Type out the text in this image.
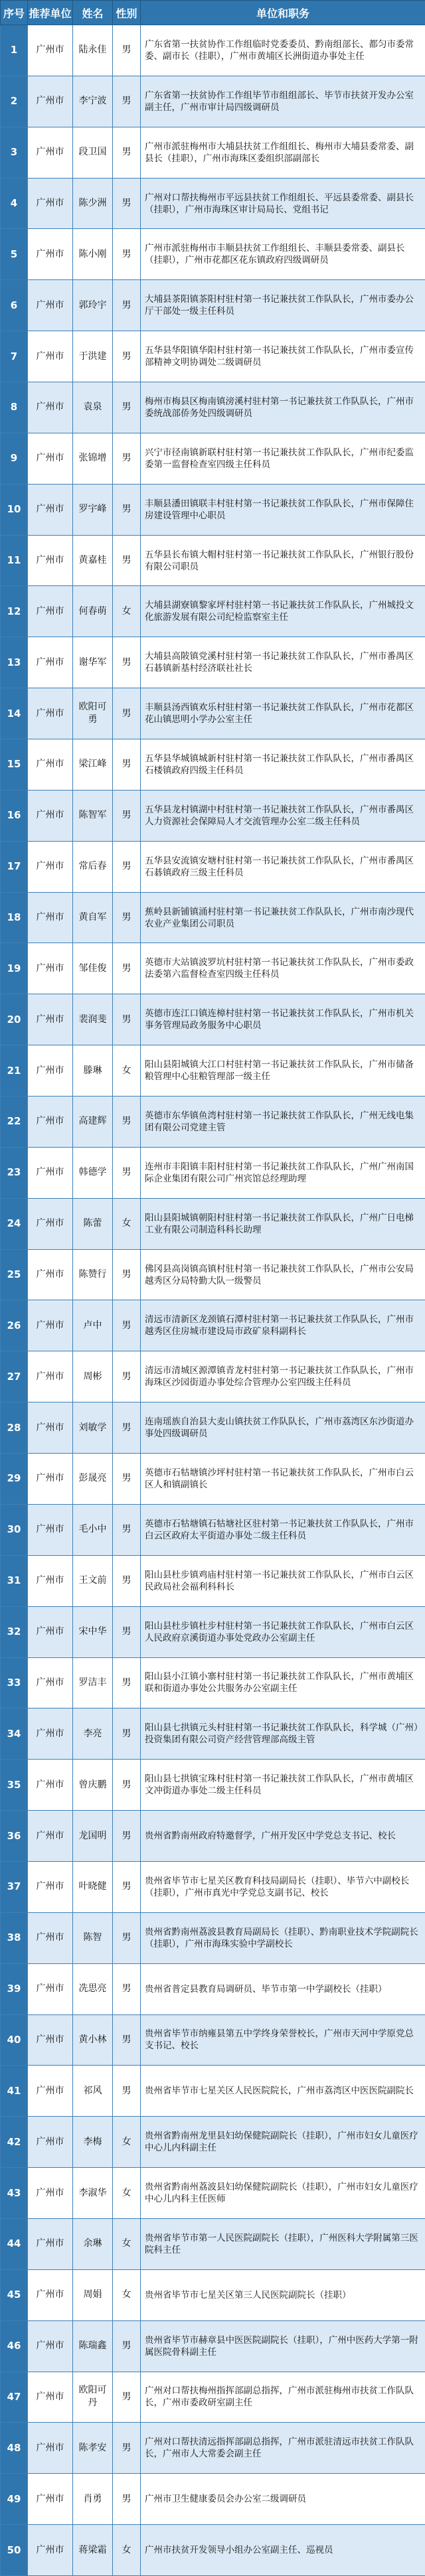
序号	推荐单位	姓名	性别	单位和职务
1	广州市	陆永佳	男	广东省第一扶贫协作工作组临时党委委员、黔南组部长、都匀市委常委、副市长（挂职），广州市黄埔区长洲街道办事处主任
2	广州市	李宁波	男	广东省第一扶贫协作工作组毕节市组组部长、毕节市扶贫开发办公室副主任，广州市审计局四级调研员
3	广州市	段卫国	男	广州市派驻梅州市大埔县扶贫工作组组长、梅州市大埔县委常委、副县长（挂职），广州市海珠区委组织部副部长
4	广州市	陈少洲	男	广州对口帮扶梅州市平远县扶贫工作组组长、平远县委常委、副县长（挂职），广州市海珠区审计局局长、党组书记
5	广州市	陈小刚	男	广州市派驻梅州市丰顺县扶贫工作组组长、丰顺县委常委、副县长（挂职），广州市花都区花东镇政府四级调研员
6	广州市	郭玲宇	男	大埔县茶阳镇茶阳村驻村第一书记兼扶贫工作队队长，广州市委办公厅干部处一级主任科员
7	广州市	于洪建	男	五华县华阳镇华阳村驻村第一书记兼扶贫工作队队长，广州市委宣传部精神文明协调处二级调研员
8	广州市	袁泉	男	梅州市梅县区梅南镇滂溪村驻村第一书记兼扶贫工作队队长，广州市委统战部侨务处四级调研员
9	广州市	张锦增	男	兴宁市径南镇新联村驻村第一书记兼扶贫工作队队长，广州市纪委监委第一监督检查室四级主任科员
10	广州市	罗宇峰	男	丰顺县潘田镇联丰村驻村第一书记兼扶贫工作队队长，广州市保障住房建设管理中心职员
11	广州市	黄嘉桂	男	五华县长布镇大帽村驻村第一书记兼扶贫工作队队长，广州银行股份有限公司职员
12	广州市	何春萌	女	大埔县湖寮镇黎家坪村驻村第一书记兼扶贫工作队队长，广州城投文化旅游发展有限公司纪检监察室主任
13	广州市	谢华军	男	大埔县高陂镇党溪村驻村第一书记兼扶贫工作队队长，广州市番禺区石碁镇新基村经济联社社长
14	广州市	欧阳可勇	男	丰顺县汤西镇欢乐村驻村第一书记兼扶贫工作队队长，广州市花都区花山镇思明小学办公室主任
15	广州市	梁江峰	男	五华县华城镇城新村驻村第一书记兼扶贫工作队队长，广州市番禺区石楼镇政府四级主任科员
16	广州市	陈智军	男	五华县龙村镇湖中村驻村第一书记兼扶贫工作队队长，广州市番禺区人力资源社会保障局人才交流管理办公室二级主任科员
17	广州市	常后春	男	五华县安流镇安塘村驻村第一书记兼扶贫工作队队长，广州市番禺区石碁镇政府三级主任科员
18	广州市	黄自军	男	蕉岭县新铺镇涌村驻村第一书记兼扶贫工作队队长，广州市南沙现代农业产业集团公司职员
19	广州市	邹佳俊	男	英德市大站镇波罗坑村驻村第一书记兼扶贫工作队队长，广州市委政法委第六监督检查室四级主任科员
20	广州市	裴润斐	男	英德市连江口镇连樟村驻村第一书记兼扶贫工作队队长，广州市机关事务管理局政务服务中心职员
21	广州市	滕琳	女	阳山县阳城镇大江口村驻村第一书记兼扶贫工作队队长，广州市储备粮管理中心驻粮管理部一级主任
22	广州市	高建辉	男	英德市东华镇鱼湾村驻村第一书记兼扶贫工作队队长，广州无线电集团有限公司党建主管
23	广州市	韩德学	男	连州市丰阳镇丰阳村驻村第一书记兼扶贫工作队队长，广州广州南国际企业集团有限公司广州宾馆总经理助理
24	广州市	陈蕾	女	阳山县阳城镇朝阳村驻村第一书记兼扶贫工作队队长，广州广日电梯工业有限公司制造科科长助理
25	广州市	陈赞行	男	佛冈县高岗镇高镇村驻村第一书记兼扶贫工作队队长，广州市公安局越秀区分局特勤大队一级警员
26	广州市	卢中	男	清远市清新区龙颈镇石潭村驻村第一书记兼扶贫工作队队长，广州市越秀区住房城市建设局市政矿泉科副科长
27	广州市	周彬	男	清远市清城区源潭镇青龙村驻村第一书记兼扶贫工作队队长，广州市海珠区沙园街道办事处综合管理办公室四级主任科员
28	广州市	刘敏学	男	连南瑶族自治县大麦山镇扶贫工作队队长，广州市荔湾区东沙街道办事处四级调研员
29	广州市	彭晟亮	男	英德市石牯塘镇沙坪村驻村第一书记兼扶贫工作队队长，广州市白云区人和镇副镇长
30	广州市	毛小中	男	英德市石牯塘镇石牯塘社区驻村第一书记兼扶贫工作队队长，广州市白云区政府太平街道办事处二级主任科员
31	广州市	王文前	男	阳山县杜步镇鸡庙村驻村第一书记兼扶贫工作队队长，广州市白云区民政局社会福利科科长
32	广州市	宋中华	男	阳山县杜步镇杜步村驻村第一书记兼扶贫工作队队长，广州市白云区人民政府京溪街道办事处党政办公室副主任
33	广州市	罗洁丰	男	阳山县小江镇小寨村驻村第一书记兼扶贫工作队队长，广州市黄埔区联和街道办事处公共服务办公室副主任
34	广州市	李亮	男	阳山县七拱镇元头村驻村第一书记兼扶贫工作队队长，科学城（广州）投资集团有限公司资产经营管理部高级主管
35	广州市	曾庆鹏	男	阳山县七拱镇宝珠村驻村第一书记兼扶贫工作队队长，广州市黄埔区文冲街道办事处二级主任科员
36	广州市	龙国明	男	贵州省黔南州政府特邀督学，广州开发区中学党总支书记、校长
37	广州市	叶晓健	男	贵州省毕节市七星关区教育科技局副局长（挂职）、毕节六中副校长（挂职），广州市真光中学党总支副书记、校长
38	广州市	陈智	男	贵州省黔南州荔波县教育局副局长（挂职）、黔南职业技术学院副院长（挂职），广州市海珠实验中学副校长
39	广州市	冼思亮	男	贵州省普定县教育局调研员、毕节市第一中学副校长（挂职）
40	广州市	黄小林	男	贵州省毕节市纳雍县第五中学终身荣誉校长，广州市天河中学原党总支书记、校长
41	广州市	祁风	男	贵州省毕节市七星关区人民医院院长，广州市荔湾区中医医院副院长
42	广州市	李梅	女	贵州省黔南州龙里县妇幼保健院副院长（挂职），广州市妇女儿童医疗中心儿内科副主任
43	广州市	李淑华	女	贵州省黔南州荔波县妇幼保健院副院长（挂职），广州市妇女儿童医疗中心儿内科主任医师
44	广州市	余琳	女	贵州省毕节市第一人民医院副院长（挂职），广州医科大学附属第三医院科主任
45	广州市	周娟	女	贵州省毕节市七星关区第三人民医院副院长（挂职）
46	广州市	陈瑞鑫	男	贵州省毕节市赫章县中医医院副院长（挂职），广州中医药大学第一附属医院骨科副主任
47	广州市	欧阳可丹	男	广州对口帮扶梅州指挥部副总指挥，广州市派驻梅州市扶贫工作队队长，广州市委政研室副主任
48	广州市	陈孝安	男	广州对口帮扶清远指挥部副总指挥，广州市派驻清远市扶贫工作队队长，广州市人大常委会副主任
49	广州市	肖勇	男	广州市卫生健康委员会办公室二级调研员
50	广州市	蒋梁霜	女	广州市扶贫开发领导小组办公室副主任、巡视员
